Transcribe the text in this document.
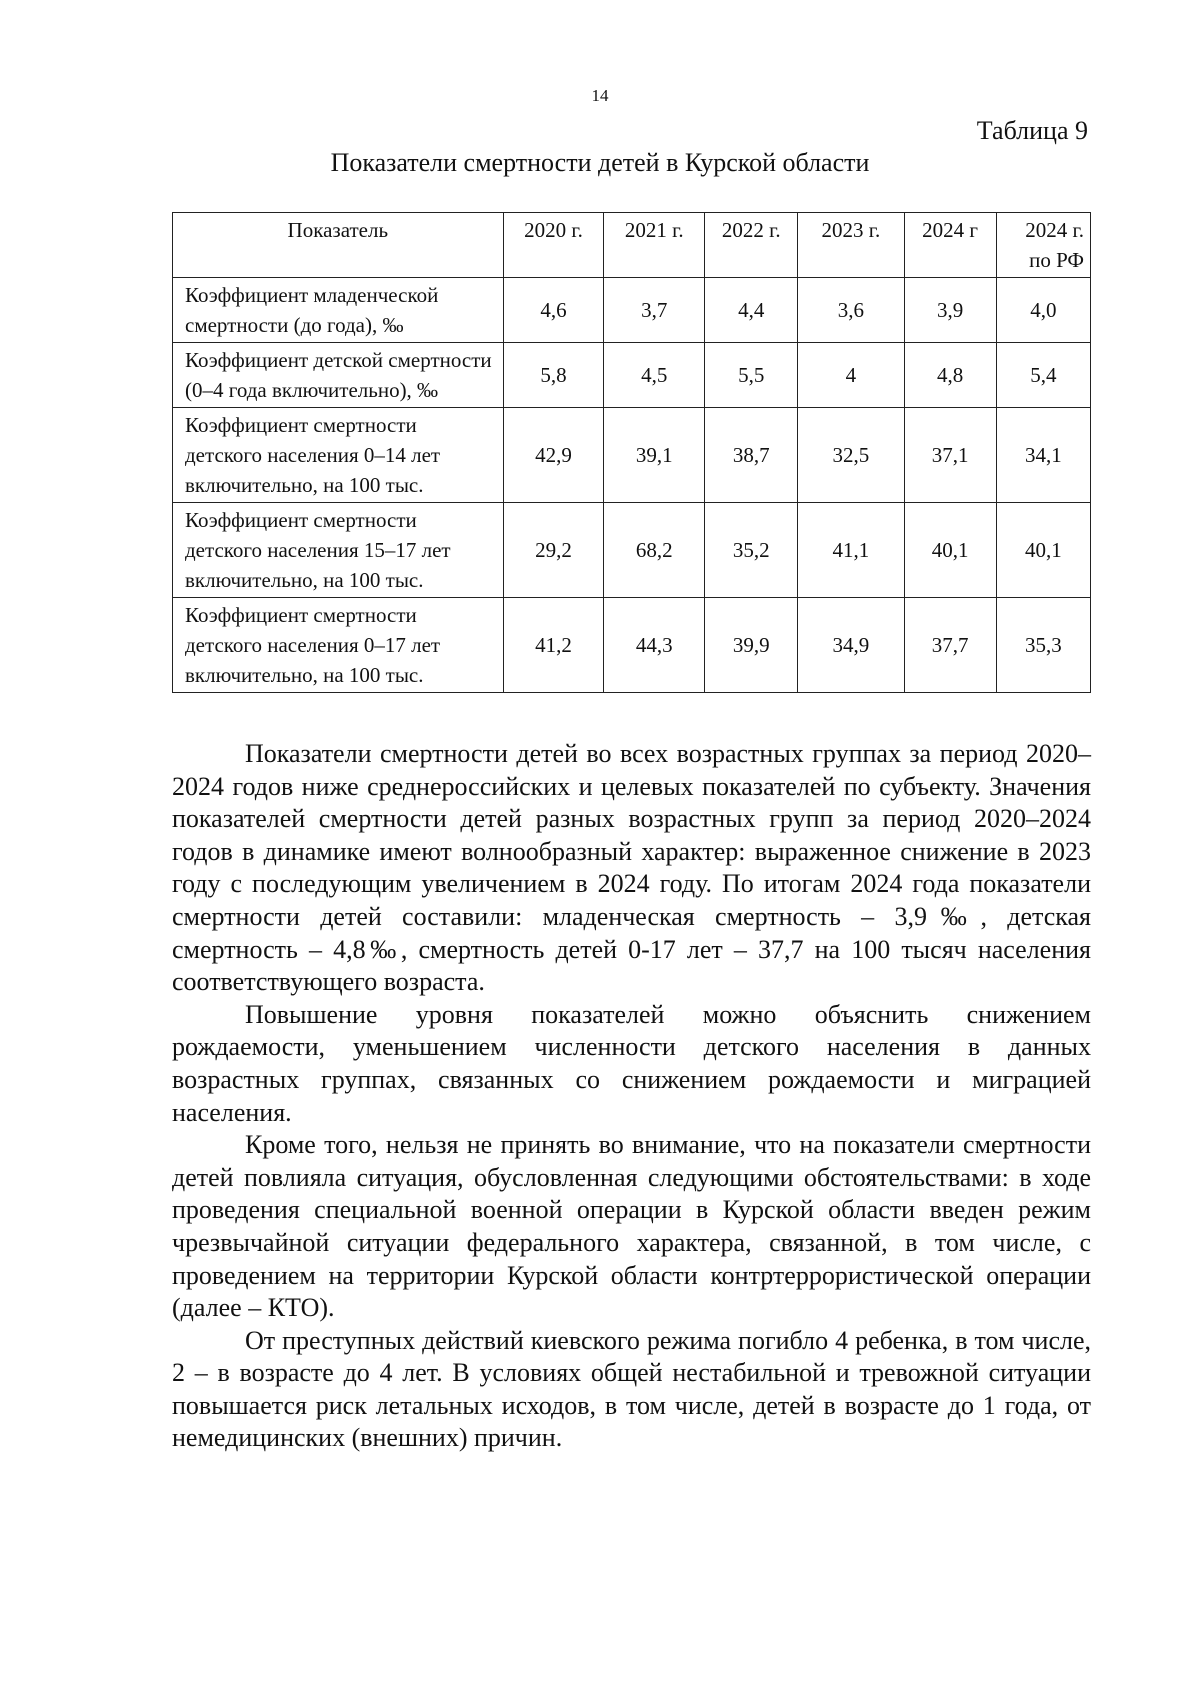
14
Таблица 9
Показатели смертности детей в Курской области
Показатель	2020 г.	2021 г.	2022 г.	2023 г.	2024 г	2024 г. по РФ
Коэффициент младенческой смертности (до года), ‰	4,6	3,7	4,4	3,6	3,9	4,0
Коэффициент детской смертности (0–4 года включительно), ‰	5,8	4,5	5,5	4	4,8	5,4
Коэффициент смертности детского населения 0–14 лет включительно, на 100 тыс.	42,9	39,1	38,7	32,5	37,1	34,1
Коэффициент смертности детского населения 15–17 лет включительно, на 100 тыс.	29,2	68,2	35,2	41,1	40,1	40,1
Коэффициент смертности детского населения 0–17 лет включительно, на 100 тыс.	41,2	44,3	39,9	34,9	37,7	35,3

Показатели смертности детей во всех возрастных группах за период 2020–2024 годов ниже среднероссийских и целевых показателей по субъекту. Значения показателей смертности детей разных возрастных групп за период 2020–2024 годов в динамике имеют волнообразный характер: выраженное снижение в 2023 году с последующим увеличением в 2024 году. По итогам 2024 года показатели смертности детей составили: младенческая смертность – 3,9‰, детская смертность – 4,8‰, смертность детей 0-17 лет – 37,7 на 100 тысяч населения соответствующего возраста.

Повышение уровня показателей можно объяснить снижением рождаемости, уменьшением численности детского населения в данных возрастных группах, связанных со снижением рождаемости и миграцией населения.

Кроме того, нельзя не принять во внимание, что на показатели смертности детей повлияла ситуация, обусловленная следующими обстоятельствами: в ходе проведения специальной военной операции в Курской области введен режим чрезвычайной ситуации федерального характера, связанной, в том числе, с проведением на территории Курской области контртеррористической операции (далее – КТО).

От преступных действий киевского режима погибло 4 ребенка, в том числе, 2 – в возрасте до 4 лет. В условиях общей нестабильной и тревожной ситуации повышается риск летальных исходов, в том числе, детей в возрасте до 1 года, от немедицинских (внешних) причин.
